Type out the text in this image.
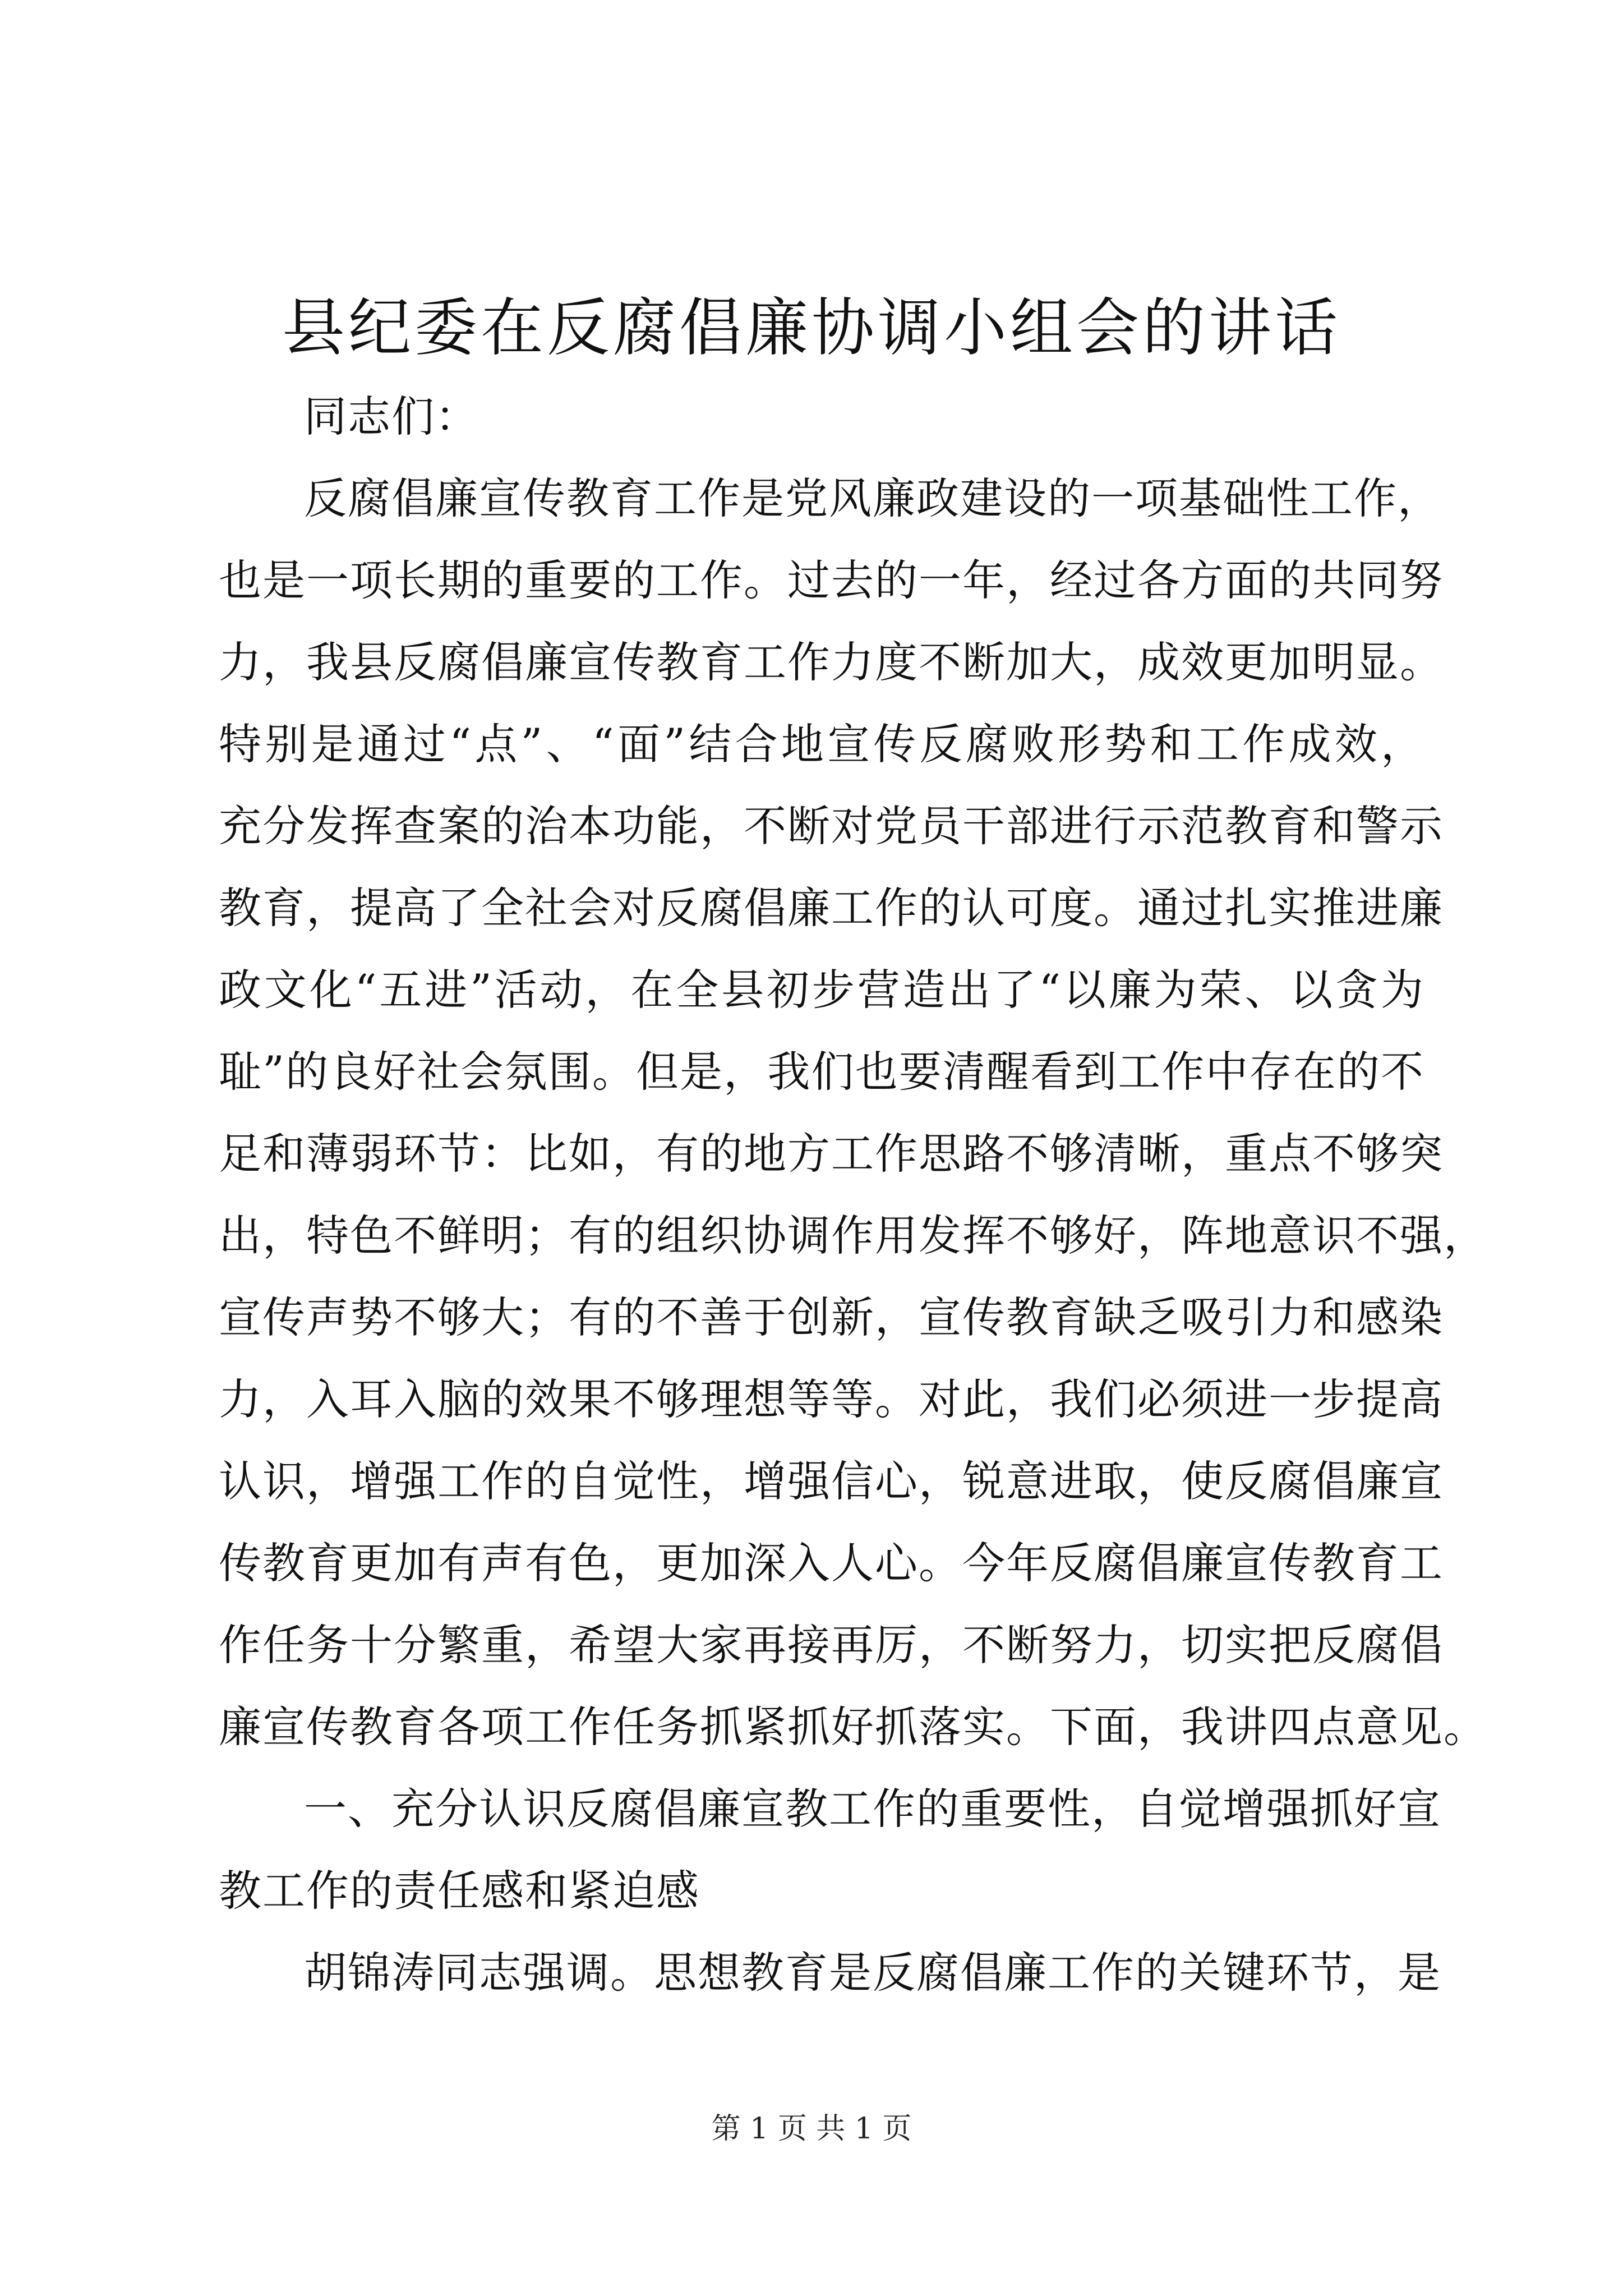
县纪委在反腐倡廉协调小组会的讲话
同志们：
反腐倡廉宣传教育工作是党风廉政建设的一项基础性工作，
也是一项长期的重要的工作。过去的一年，经过各方面的共同努
力，我县反腐倡廉宣传教育工作力度不断加大，成效更加明显。
特别是通过“点”、“面”结合地宣传反腐败形势和工作成效，
充分发挥查案的治本功能，不断对党员干部进行示范教育和警示
教育，提高了全社会对反腐倡廉工作的认可度。通过扎实推进廉
政文化“五进”活动，在全县初步营造出了“以廉为荣、以贪为
耻”的良好社会氛围。但是，我们也要清醒看到工作中存在的不
足和薄弱环节：比如，有的地方工作思路不够清晰，重点不够突
出，特色不鲜明；有的组织协调作用发挥不够好，阵地意识不强，
宣传声势不够大；有的不善于创新，宣传教育缺乏吸引力和感染
力，入耳入脑的效果不够理想等等。对此，我们必须进一步提高
认识，增强工作的自觉性，增强信心，锐意进取，使反腐倡廉宣
传教育更加有声有色，更加深入人心。今年反腐倡廉宣传教育工
作任务十分繁重，希望大家再接再厉，不断努力，切实把反腐倡
廉宣传教育各项工作任务抓紧抓好抓落实。下面，我讲四点意见。
一、充分认识反腐倡廉宣教工作的重要性，自觉增强抓好宣
教工作的责任感和紧迫感
胡锦涛同志强调。思想教育是反腐倡廉工作的关键环节，是
第 1 页 共 1 页
